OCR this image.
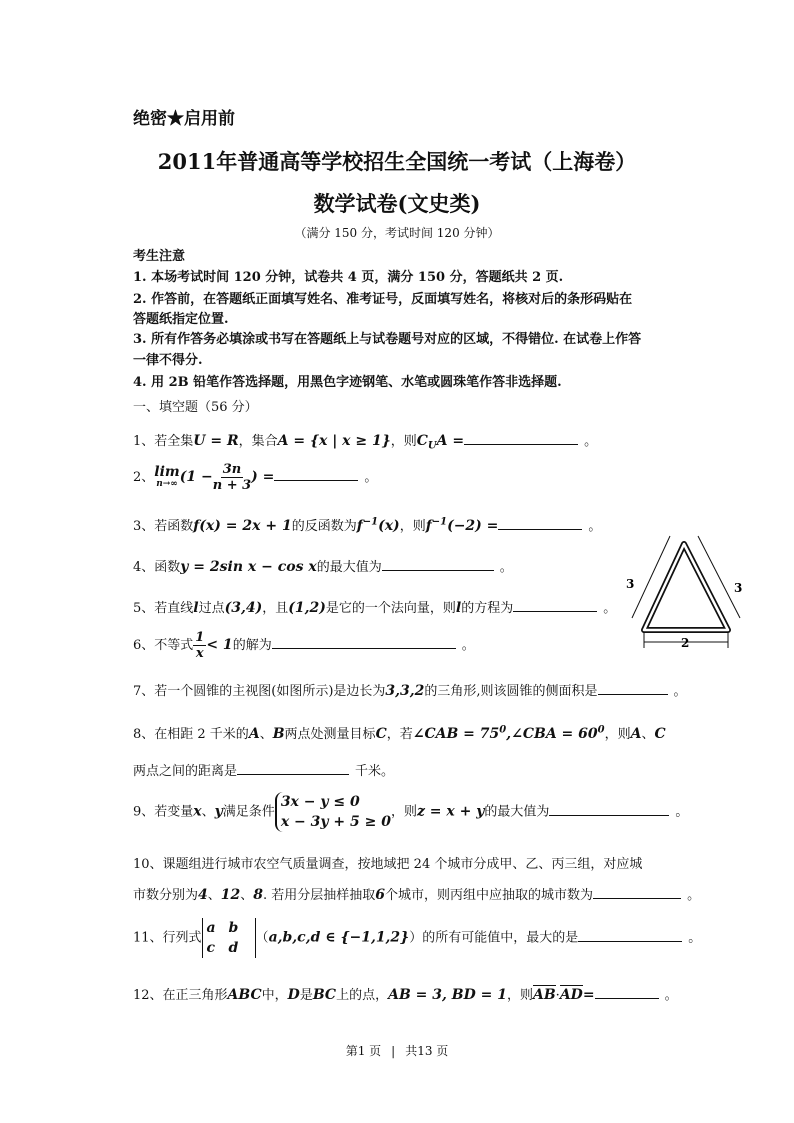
绝密★启用前
2011年普通高等学校招生全国统一考试（上海卷）
数学试卷(文史类)
（满分 150 分，考试时间 120 分钟）
考生注意
1. 本场考试时间 120 分钟，试卷共 4 页，满分 150 分，答题纸共 2 页.
2. 作答前，在答题纸正面填写姓名、准考证号，反面填写姓名，将核对后的条形码贴在
答题纸指定位置.
3. 所有作答务必填涂或书写在答题纸上与试卷题号对应的区域，不得错位. 在试卷上作答
一律不得分.
4. 用 2B 铅笔作答选择题，用黑色字迹钢笔、水笔或圆珠笔作答非选择题.
一、填空题（56 分）
1、若全集U = R，集合A = {x | x ≥ 1}，则$C_UA$ =	。
2、 lim
n→∞ ($1 - \frac{3n}{n + 3}$ ) =	。
3、若函数f(x) = 2x + 1的反函数为$f^{-1}(x)$，则$f^{-1}(-2)$ =	。
4、函数y = 2sin x − cos x的最大值为	。
5、若直线l过点(3,4)，且(1,2)是它的一个法向量，则l的方程为	。
6、不等式 $\frac{1}{x} < 1$的解为	。
7、若一个圆锥的主视图(如图所示)是边长为3,3,2的三角形,则该圆锥的侧面积是	。
8、在相距 2 千米的A、B两点处测量目标C，若∠CAB = $75^0,\angle CBA = 60^0$，则A、C
两点之间的距离是	千米。
9、若变量x、y满足条件
3x − y ≤ 0
x − 3y + 5 ≥ 0
，则z = x + y的最大值为	。
10、课题组进行城市农空气质量调查，按地域把 24 个城市分成甲、乙、丙三组，对应城
市数分别为4、12、8. 若用分层抽样抽取6个城市，则丙组中应抽取的城市数为	。
11、行列式a b
c d（a,b,c,d ∈ {−1,1,2}）的所有可能值中，最大的是	。
12、在正三角形ABC中，D是BC上的点，AB = 3, BD = 1，则AB·AD=	。
3	3
2
第1 页 | 共13 页
